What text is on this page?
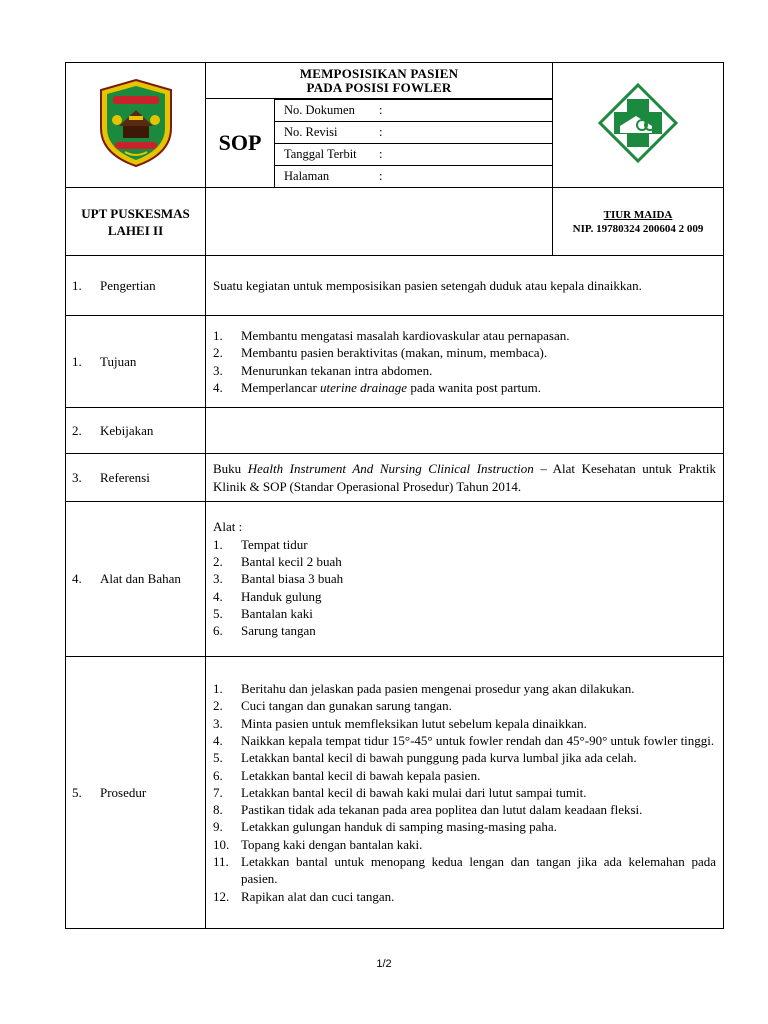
MEMPOSISIKAN PASIEN
PADA POSISI FOWLER

SOP	
No. Dokumen :
No. Revisi	:
Tanggal Terbit :
Halaman	:

UPT PUSKESMAS
LAHEI II

TIUR MAIDA
NIP. 19780324 200604 2 009

1. Pengertian	Suatu kegiatan untuk memposisikan pasien setengah duduk atau kepala dinaikkan.
1. Tujuan	
1.	Membantu mengatasi masalah kardiovaskular atau pernapasan.
2.	Membantu pasien beraktivitas (makan, minum, membaca).
3.	Menurunkan tekanan intra abdomen.
4.	Memperlancar uterine drainage pada wanita post partum.

2. Kebijakan	
3. Referensi	Buku Health Instrument And Nursing Clinical Instruction – Alat Kesehatan untuk Praktik Klinik & SOP (Standar Operasional Prosedur) Tahun 2014.
4. Alat dan Bahan	
Alat :
1.	Tempat tidur
2.	Bantal kecil 2 buah
3.	Bantal biasa 3 buah
4.	Handuk gulung
5.	Bantalan kaki
6.	Sarung tangan

5. Prosedur	
1.	Beritahu dan jelaskan pada pasien mengenai prosedur yang akan dilakukan.
2.	Cuci tangan dan gunakan sarung tangan.
3.	Minta pasien untuk memfleksikan lutut sebelum kepala dinaikkan.
4.	Naikkan kepala tempat tidur 15°-45° untuk fowler rendah dan 45°-90° untuk fowler tinggi.
5.	Letakkan bantal kecil di bawah punggung pada kurva lumbal jika ada celah.
6.	Letakkan bantal kecil di bawah kepala pasien.
7.	Letakkan bantal kecil di bawah kaki mulai dari lutut sampai tumit.
8.	Pastikan tidak ada tekanan pada area poplitea dan lutut dalam keadaan fleksi.
9.	Letakkan gulungan handuk di samping masing-masing paha.
10. Topang kaki dengan bantalan kaki.
11. Letakkan bantal untuk menopang kedua lengan dan tangan jika ada kelemahan pada pasien.
12. Rapikan alat dan cuci tangan.
1/2
